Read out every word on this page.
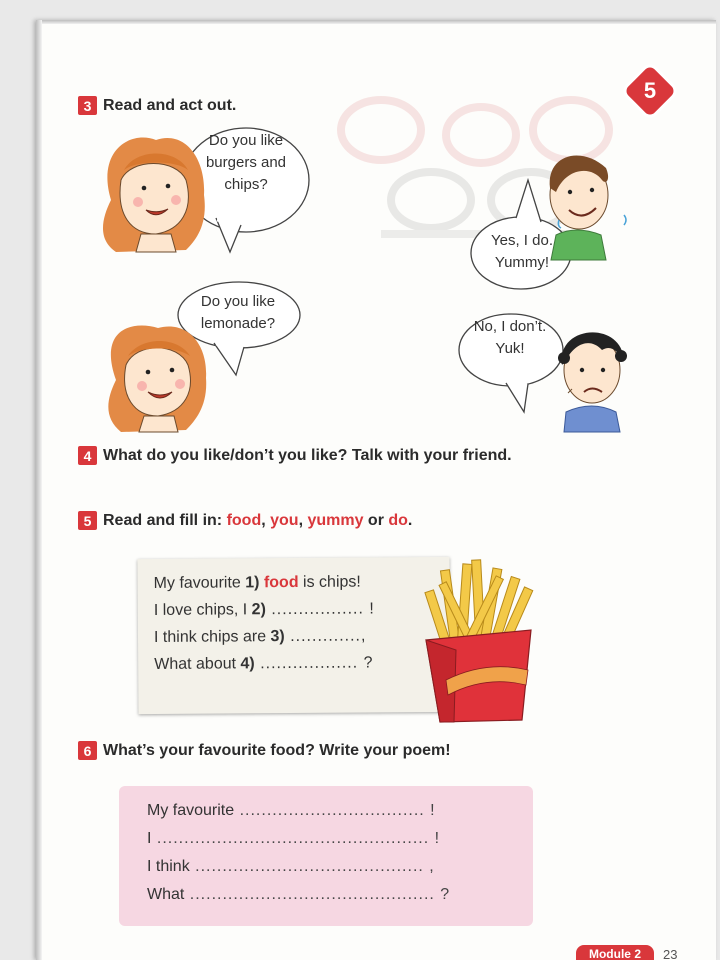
5
3 Read and act out.
Do you like
burgers and
chips?
Yes, I do.
Yummy!
Do you like
lemonade?	No, I don’t.
Yuk!
4 What do you like/don’t you like? Talk with your friend.
5 Read and fill in: food , you , yummy or do .
My favourite 1) food is chips!
I love chips, I 2) ................. !
I think chips are 3) .............,
What about 4) .................. ?
6 What’s your favourite food? Write your poem!
My favourite .................................. !
I .................................................. !
I think .......................................... ,
What ............................................. ?
Module 2	23
